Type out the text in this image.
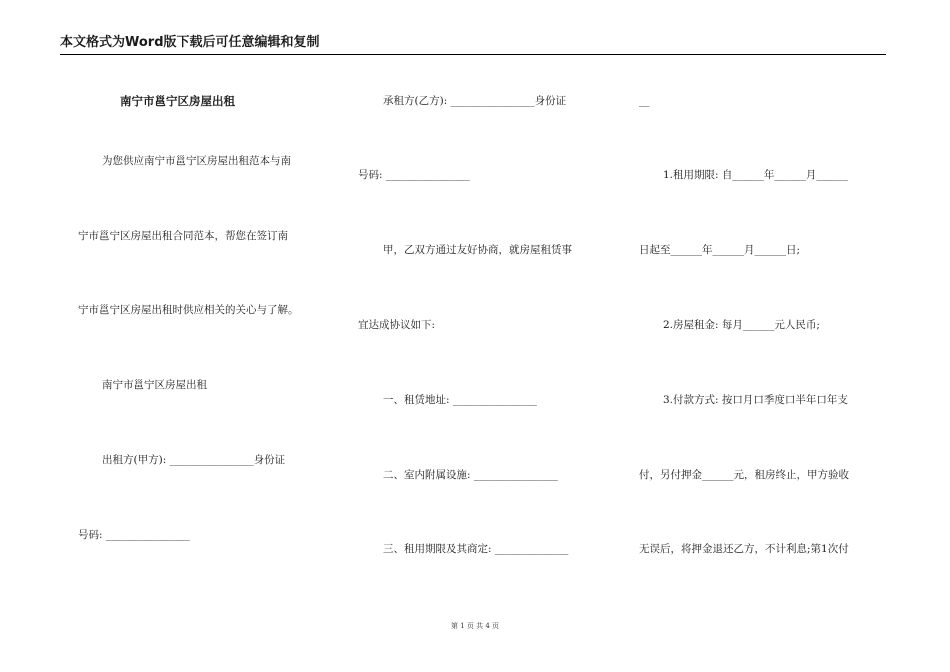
本文格式为Word版下载后可任意编辑和复制
南宁市邕宁区房屋出租
为您供应南宁市邕宁区房屋出租范本与南
宁市邕宁区房屋出租合同范本，帮您在签订南
宁市邕宁区房屋出租时供应相关的关心与了解。
南宁市邕宁区房屋出租
出租方(甲方): ________________身份证
号码: ________________
承租方(乙方): ________________身份证
号码: ________________
甲，乙双方通过友好协商，就房屋租赁事
宜达成协议如下:
一、租赁地址: ________________
二、室内附属设施: ________________
三、租用期限及其商定: ______________
__
1.租用期限: 自______年______月______
日起至______年______月______日;
2.房屋租金: 每月______元人民币;
3.付款方式: 按口月口季度口半年口年支
付，另付押金______元，租房终止，甲方验收
无误后，将押金退还乙方，不计利息;第1次付
第 1 页 共 4 页
